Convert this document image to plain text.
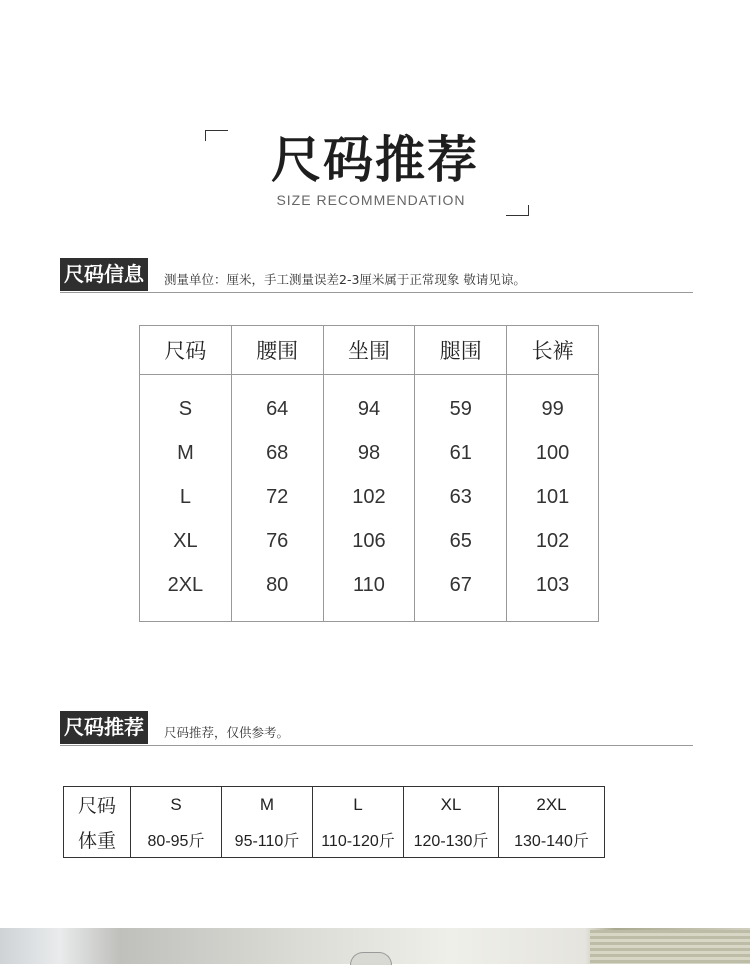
尺码推荐
SIZE RECOMMENDATION
尺码信息	测量单位：厘米，手工测量误差2-3厘米属于正常现象 敬请见谅。
尺码	腰围	坐围	腿围	长裤
S	64	94	59	99
M	68	98	61	100
L	72	102	63	101
XL	76	106	65	102
2XL	80	110	67	103
尺码推荐	尺码推荐，仅供参考。
尺码	S	M	L	XL	2XL
体重	80-95斤	95-110斤	110-120斤	120-130斤	130-140斤
